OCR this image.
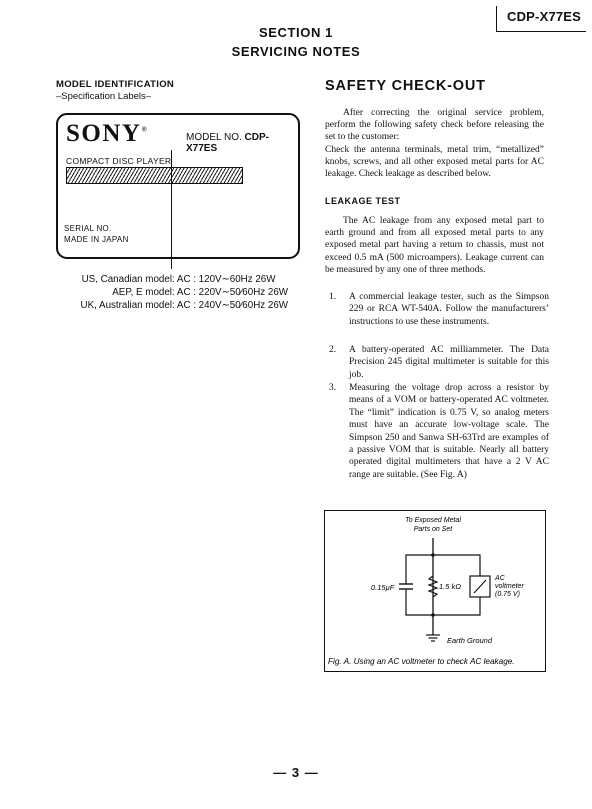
CDP-X77ES
SECTION 1
SERVICING NOTES
MODEL IDENTIFICATION
–Specification Labels–
SONY®
MODEL NO. CDP-X77ES
COMPACT DISC PLAYER
SERIAL NO.
MADE IN JAPAN
US, Canadian model : AC : 120V∼60Hz 26W
AEP, E model : AC : 220V∼50∕60Hz 26W
UK, Australian model : AC : 240V∼50∕60Hz 26W
SAFETY CHECK-OUT

After correcting the original service problem, perform the following safety check before releasing the set to the customer:

Check the antenna terminals, metal trim, “metallized” knobs, screws, and all other exposed metal parts for AC leakage. Check leakage as described below.

LEAKAGE TEST

The AC leakage from any exposed metal part to earth ground and from all exposed metal parts to any exposed metal part having a return to chassis, must not exceed 0.5 mA (500 microampers). Leakage current can be measured by any one of three methods.

1. A commercial leakage tester, such as the Simpson 229 or RCA WT-540A. Follow the manufacturers’ instructions to use these instruments.
2. A battery-operated AC milliammeter. The Data Precision 245 digital multimeter is suitable for this job.
3. Measuring the voltage drop across a resistor by means of a VOM or battery-operated AC voltmeter. The “limit” indication is 0.75 V, so analog meters must have an accurate low-voltage scale. The Simpson 250 and Sanwa SH-63Trd are examples of a passive VOM that is suitable. Nearly all battery operated digital multimeters that have a 2 V AC range are suitable. (See Fig. A)
To Exposed Metal
Parts on Set
0.15μF	1.5 kΩ
AC
voltmeter
(0.75 V)
Earth Ground
Fig. A. Using an AC voltmeter to check AC leakage.
— 3 —
